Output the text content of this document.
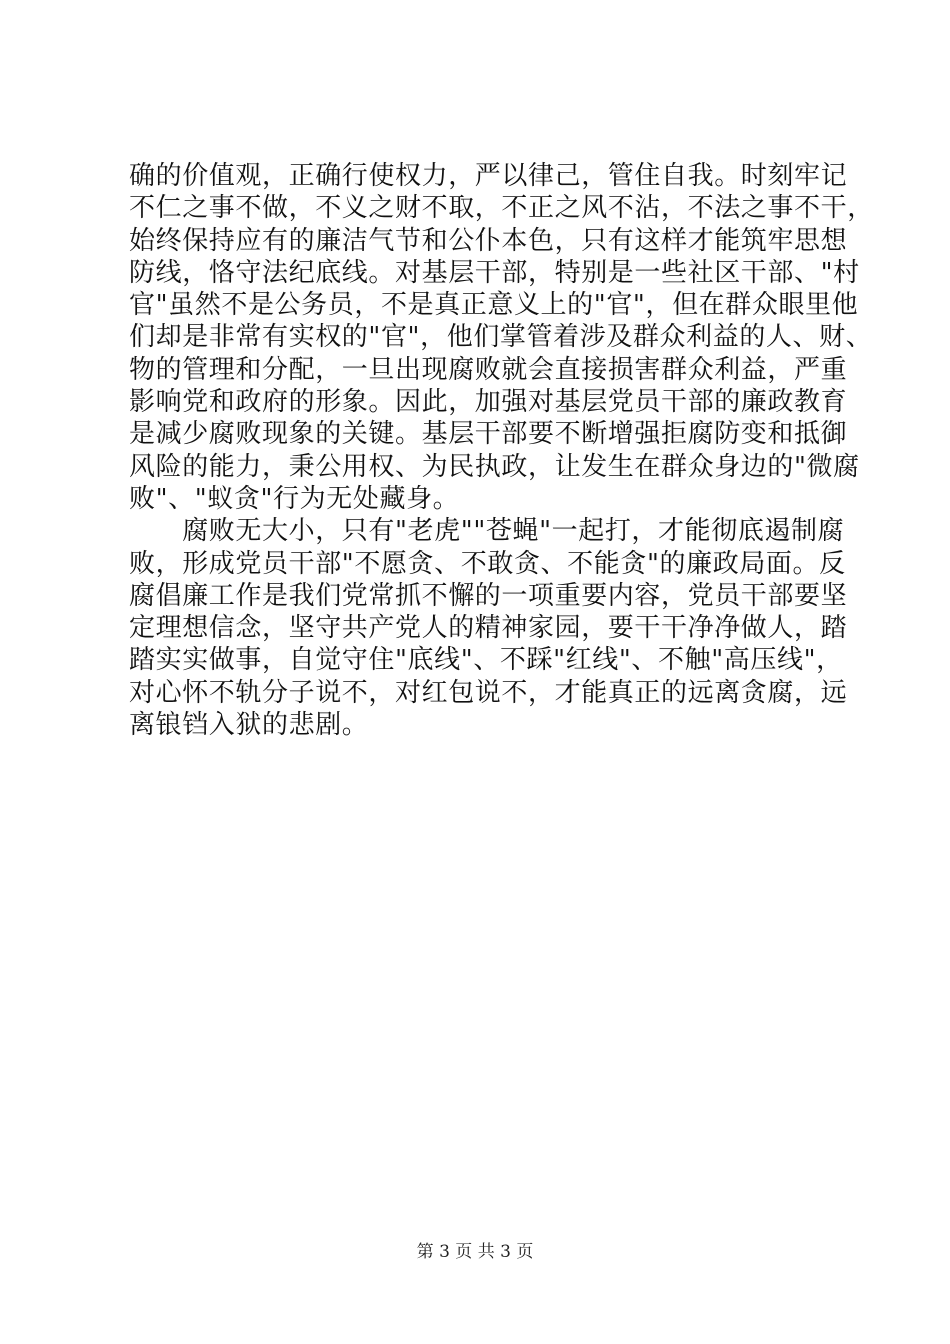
确的价值观，正确行使权力，严以律己，管住自我。时刻牢记
不仁之事不做，不义之财不取，不正之风不沾，不法之事不干，
始终保持应有的廉洁气节和公仆本色，只有这样才能筑牢思想
防线，恪守法纪底线。对基层干部，特别是一些社区干部、"村
官"虽然不是公务员，不是真正意义上的"官"，但在群众眼里他
们却是非常有实权的"官"，他们掌管着涉及群众利益的人、财、
物的管理和分配，一旦出现腐败就会直接损害群众利益，严重
影响党和政府的形象。因此，加强对基层党员干部的廉政教育
是减少腐败现象的关键。基层干部要不断增强拒腐防变和抵御
风险的能力，秉公用权、为民执政，让发生在群众身边的"微腐
败"、"蚁贪"行为无处藏身。
　　腐败无大小，只有"老虎""苍蝇"一起打，才能彻底遏制腐
败，形成党员干部"不愿贪、不敢贪、不能贪"的廉政局面。反
腐倡廉工作是我们党常抓不懈的一项重要内容，党员干部要坚
定理想信念，坚守共产党人的精神家园，要干干净净做人，踏
踏实实做事，自觉守住"底线"、不踩"红线"、不触"高压线"，
对心怀不轨分子说不，对红包说不，才能真正的远离贪腐，远
离锒铛入狱的悲剧。
第 3 页 共 3 页
